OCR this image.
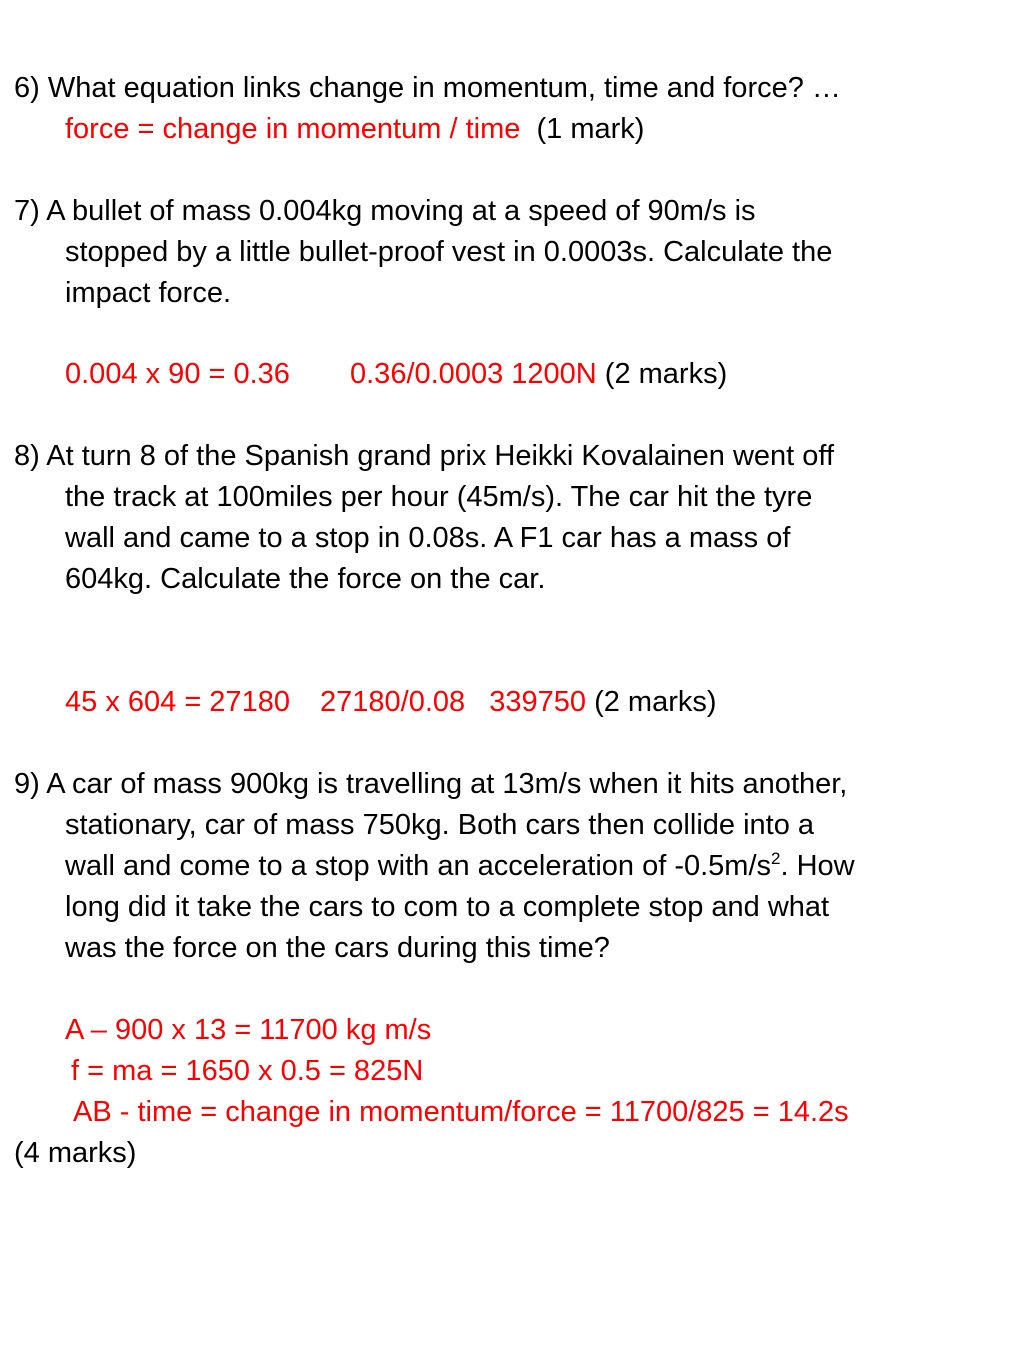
6) What equation links change in momentum, time and force? …
force = change in momentum / time (1 mark)
7) A bullet of mass 0.004kg moving at a speed of 90m/s is
stopped by a little bullet-proof vest in 0.0003s. Calculate the
impact force.
0.004 x 90 = 0.36 0.36/0.0003 1200N (2 marks)
8) At turn 8 of the Spanish grand prix Heikki Kovalainen went off
the track at 100miles per hour (45m/s). The car hit the tyre
wall and came to a stop in 0.08s. A F1 car has a mass of
604kg. Calculate the force on the car.
45 x 604 = 27180 27180/0.08 339750 (2 marks)
9) A car of mass 900kg is travelling at 13m/s when it hits another,
stationary, car of mass 750kg. Both cars then collide into a
wall and come to a stop with an acceleration of $-0.5m/s^2$. How
long did it take the cars to com to a complete stop and what
was the force on the cars during this time?
A – 900 x 13 = 11700 kg m/s
f = ma = 1650 x 0.5 = 825N
AB - time = change in momentum/force = 11700/825 = 14.2s
(4 marks)
